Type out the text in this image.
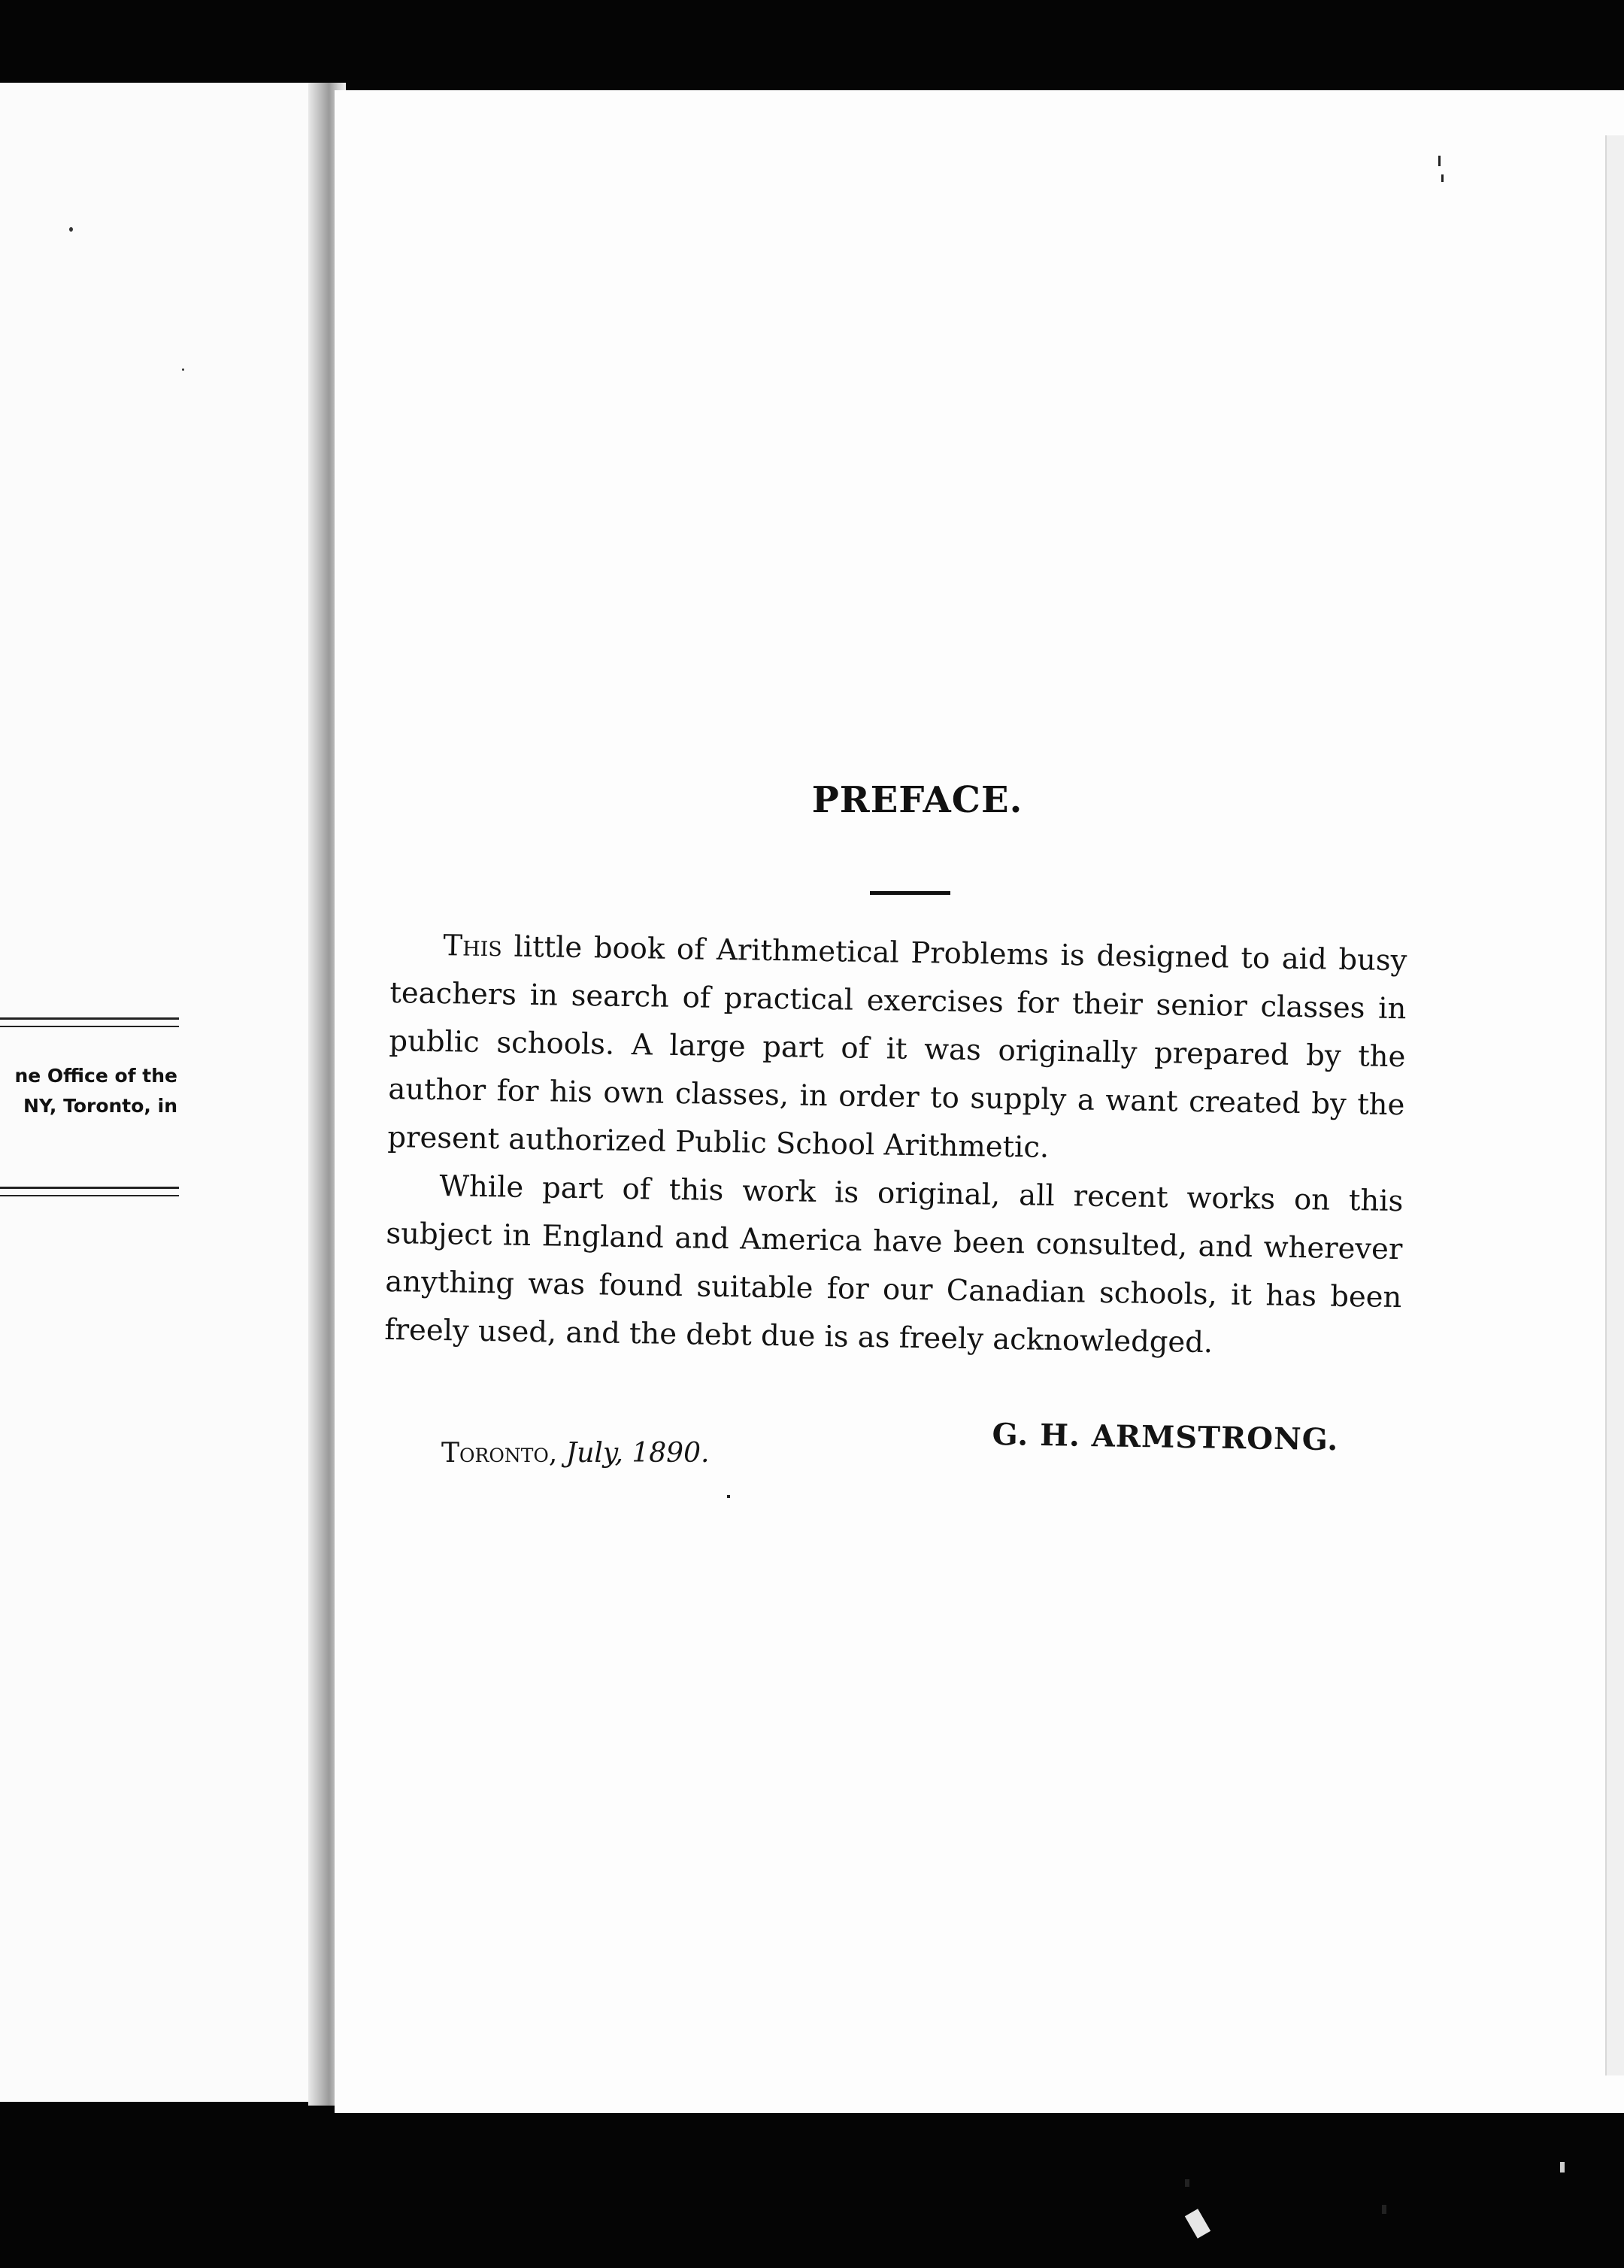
ne Office of the
NY, Toronto, in
PREFACE.

This little book of Arithmetical Problems is designed to aid busy teachers in search of practical exercises for their senior classes in public schools. A large part of it was originally prepared by the author for his own classes, in order to supply a want created by the present authorized Public School Arithmetic.

While part of this work is original, all recent works on this subject in England and America have been consulted, and wherever anything was found suitable for our Canadian schools, it has been freely used, and the debt due is as freely acknowledged.

Toronto, July, 1890.	G. H. ARMSTRONG.
